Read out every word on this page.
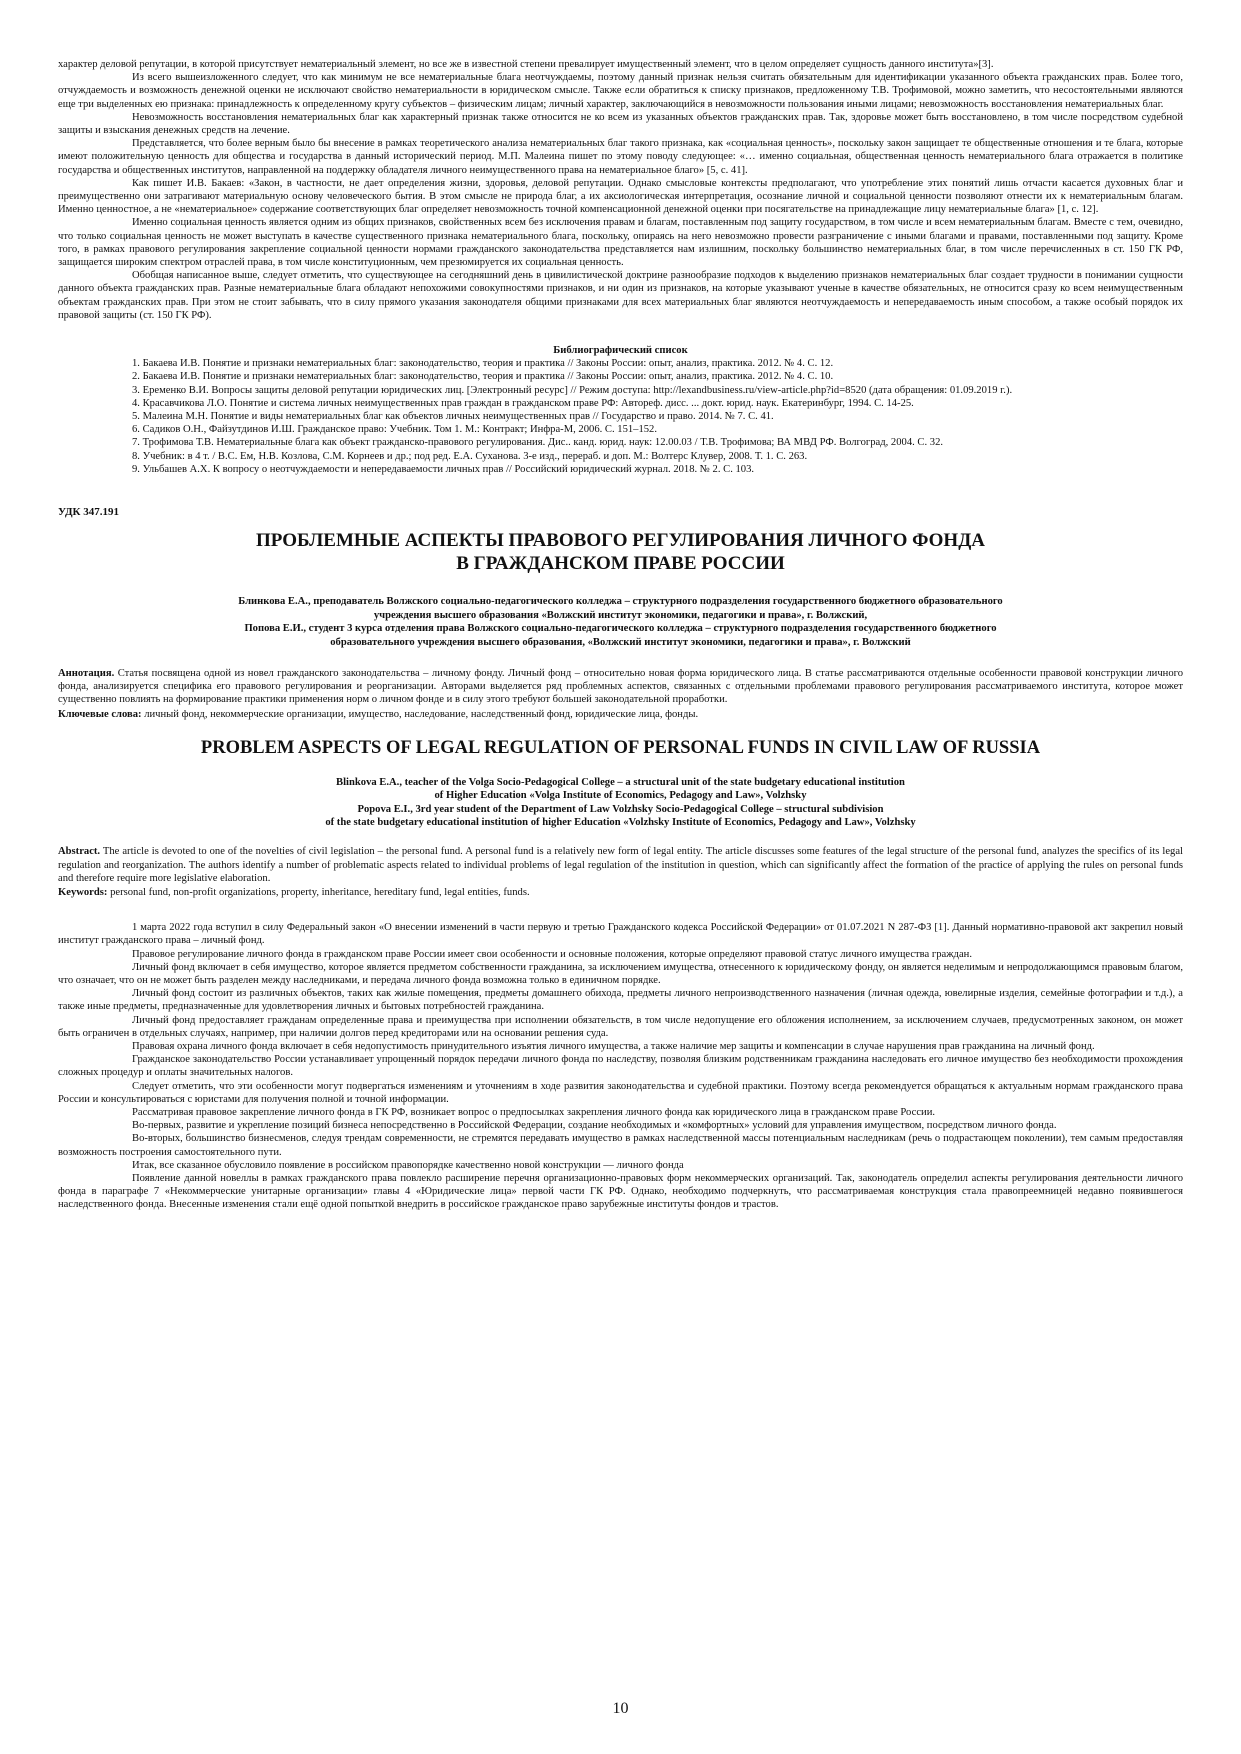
характер деловой репутации, в которой присутствует нематериальный элемент, но все же в известной степени превалирует имущественный элемент, что в целом определяет сущность данного института»[3].

Из всего вышеизложенного следует, что как минимум не все нематериальные блага неотчуждаемы, поэтому данный признак нельзя считать обязательным для идентификации указанного объекта гражданских прав. Более того, отчуждаемость и возможность денежной оценки не исключают свойство нематериальности в юридическом смысле. Также если обратиться к списку признаков, предложенному Т.В. Трофимовой, можно заметить, что несостоятельными являются еще три выделенных ею признака: принадлежность к определенному кругу субъектов – физическим лицам; личный характер, заключающийся в невозможности пользования иными лицами; невозможность восстановления нематериальных благ.

Невозможность восстановления нематериальных благ как характерный признак также относится не ко всем из указанных объектов гражданских прав. Так, здоровье может быть восстановлено, в том числе посредством судебной защиты и взыскания денежных средств на лечение.

Представляется, что более верным было бы внесение в рамках теоретического анализа нематериальных благ такого признака, как «социальная ценность», поскольку закон защищает те общественные отношения и те блага, которые имеют положительную ценность для общества и государства в данный исторический период. М.П. Малеина пишет по этому поводу следующее: «… именно социальная, общественная ценность нематериального блага отражается в политике государства и общественных институтов, направленной на поддержку обладателя личного неимущественного права на нематериальное благо» [5, с. 41].

Как пишет И.В. Бакаев: «Закон, в частности, не дает определения жизни, здоровья, деловой репутации. Однако смысловые контексты предполагают, что употребление этих понятий лишь отчасти касается духовных благ и преимущественно они затрагивают материальную основу человеческого бытия. В этом смысле не природа благ, а их аксиологическая интерпретация, осознание личной и социальной ценности позволяют отнести их к нематериальным благам. Именно ценностное, а не «нематериальное» содержание соответствующих благ определяет невозможность точной компенсационной денежной оценки при посягательстве на принадлежащие лицу нематериальные блага» [1, с. 12].

Именно социальная ценность является одним из общих признаков, свойственных всем без исключения правам и благам, поставленным под защиту государством, в том числе и всем нематериальным благам. Вместе с тем, очевидно, что только социальная ценность не может выступать в качестве существенного признака нематериального блага, поскольку, опираясь на него невозможно провести разграничение с иными благами и правами, поставленными под защиту. Кроме того, в рамках правового регулирования закрепление социальной ценности нормами гражданского законодательства представляется нам излишним, поскольку большинство нематериальных благ, в том числе перечисленных в ст. 150 ГК РФ, защищается широким спектром отраслей права, в том числе конституционным, чем презюмируется их социальная ценность.

Обобщая написанное выше, следует отметить, что существующее на сегодняшний день в цивилистической доктрине разнообразие подходов к выделению признаков нематериальных благ создает трудности в понимании сущности данного объекта гражданских прав. Разные нематериальные блага обладают непохожими совокупностями признаков, и ни один из признаков, на которые указывают ученые в качестве обязательных, не относится сразу ко всем неимущественным объектам гражданских прав. При этом не стоит забывать, что в силу прямого указания законодателя общими признаками для всех материальных благ являются неотчуждаемость и непередаваемость иным способом, а также особый порядок их правовой защиты (ст. 150 ГК РФ).

Библиографический список

1. Бакаева И.В. Понятие и признаки нематериальных благ: законодательство, теория и практика // Законы России: опыт, анализ, практика. 2012. № 4. С. 12.

2. Бакаева И.В. Понятие и признаки нематериальных благ: законодательство, теория и практика // Законы России: опыт, анализ, практика. 2012. № 4. С. 10.

3. Еременко В.И. Вопросы защиты деловой репутации юридических лиц. [Электронный ресурс] // Режим доступа: http://lexandbusiness.ru/view-article.php?id=8520 (дата обращения: 01.09.2019 г.).

4. Красавчикова Л.О. Понятие и система личных неимущественных прав граждан в гражданском праве РФ: Автореф. дисс. ... докт. юрид. наук. Екатеринбург, 1994. С. 14-25.

5. Малеина М.Н. Понятие и виды нематериальных благ как объектов личных неимущественных прав // Государство и право. 2014. № 7. С. 41.

6. Садиков О.Н., Файзутдинов И.Ш. Гражданское право: Учебник. Том 1. М.: Контракт; Инфра-М, 2006. С. 151–152.

7. Трофимова Т.В. Нематериальные блага как объект гражданско-правового регулирования. Дис.. канд. юрид. наук: 12.00.03 / Т.В. Трофимова; ВА МВД РФ. Волгоград, 2004. С. 32.

8. Учебник: в 4 т. / В.С. Ем, Н.В. Козлова, С.М. Корнеев и др.; под ред. Е.А. Суханова. 3-е изд., перераб. и доп. М.: Волтерс Клувер, 2008. Т. 1. С. 263.

9. Ульбашев А.Х. К вопросу о неотчуждаемости и непередаваемости личных прав // Российский юридический журнал. 2018. № 2. С. 103.

УДК 347.191

ПРОБЛЕМНЫЕ АСПЕКТЫ ПРАВОВОГО РЕГУЛИРОВАНИЯ ЛИЧНОГО ФОНДА
В ГРАЖДАНСКОМ ПРАВЕ РОССИИ
Блинкова Е.А., преподаватель Волжского социально-педагогического колледжа – структурного подразделения государственного бюджетного образовательного
учреждения высшего образования «Волжский институт экономики, педагогики и права», г. Волжский,
Попова Е.И., студент 3 курса отделения права Волжского социально-педагогического колледжа – структурного подразделения государственного бюджетного
образовательного учреждения высшего образования, «Волжский институт экономики, педагогики и права», г. Волжский

Аннотация. Статья посвящена одной из новел гражданского законодательства – личному фонду. Личный фонд – относительно новая форма юридического лица. В статье рассматриваются отдельные особенности правовой конструкции личного фонда, анализируется специфика его правового регулирования и реорганизации. Авторами выделяется ряд проблемных аспектов, связанных с отдельными проблемами правового регулирования рассматриваемого института, которое может существенно повлиять на формирование практики применения норм о личном фонде и в силу этого требуют большей законодательной проработки.

Ключевые слова: личный фонд, некоммерческие организации, имущество, наследование, наследственный фонд, юридические лица, фонды.

PROBLEM ASPECTS OF LEGAL REGULATION OF PERSONAL FUNDS IN CIVIL LAW OF RUSSIA
Blinkova E.A., teacher of the Volga Socio-Pedagogical College – a structural unit of the state budgetary educational institution
of Higher Education «Volga Institute of Economics, Pedagogy and Law», Volzhsky
Popova E.I., 3rd year student of the Department of Law Volzhsky Socio-Pedagogical College – structural subdivision
of the state budgetary educational institution of higher Education «Volzhsky Institute of Economics, Pedagogy and Law», Volzhsky

Abstract. The article is devoted to one of the novelties of civil legislation – the personal fund. A personal fund is a relatively new form of legal entity. The article discusses some features of the legal structure of the personal fund, analyzes the specifics of its legal regulation and reorganization. The authors identify a number of problematic aspects related to individual problems of legal regulation of the institution in question, which can significantly affect the formation of the practice of applying the rules on personal funds and therefore require more legislative elaboration.

Keywords: personal fund, non-profit organizations, property, inheritance, hereditary fund, legal entities, funds.

1 марта 2022 года вступил в силу Федеральный закон «О внесении изменений в части первую и третью Гражданского кодекса Российской Федерации» от 01.07.2021 N 287-ФЗ [1]. Данный нормативно-правовой акт закрепил новый институт гражданского права – личный фонд.

Правовое регулирование личного фонда в гражданском праве России имеет свои особенности и основные положения, которые определяют правовой статус личного имущества граждан.

Личный фонд включает в себя имущество, которое является предметом собственности гражданина, за исключением имущества, отнесенного к юридическому фонду, он является неделимым и непродолжающимся правовым благом, что означает, что он не может быть разделен между наследниками, и передача личного фонда возможна только в единичном порядке.

Личный фонд состоит из различных объектов, таких как жилые помещения, предметы домашнего обихода, предметы личного непроизводственного назначения (личная одежда, ювелирные изделия, семейные фотографии и т.д.), а также иные предметы, предназначенные для удовлетворения личных и бытовых потребностей гражданина.

Личный фонд предоставляет гражданам определенные права и преимущества при исполнении обязательств, в том числе недопущение его обложения исполнением, за исключением случаев, предусмотренных законом, он может быть ограничен в отдельных случаях, например, при наличии долгов перед кредиторами или на основании решения суда.

Правовая охрана личного фонда включает в себя недопустимость принудительного изъятия личного имущества, а также наличие мер защиты и компенсации в случае нарушения прав гражданина на личный фонд.

Гражданское законодательство России устанавливает упрощенный порядок передачи личного фонда по наследству, позволяя близким родственникам гражданина наследовать его личное имущество без необходимости прохождения сложных процедур и оплаты значительных налогов.

Следует отметить, что эти особенности могут подвергаться изменениям и уточнениям в ходе развития законодательства и судебной практики. Поэтому всегда рекомендуется обращаться к актуальным нормам гражданского права России и консультироваться с юристами для получения полной и точной информации.

Рассматривая правовое закрепление личного фонда в ГК РФ, возникает вопрос о предпосылках закрепления личного фонда как юридического лица в гражданском праве России.

Во-первых, развитие и укрепление позиций бизнеса непосредственно в Российской Федерации, создание необходимых и «комфортных» условий для управления имуществом, посредством личного фонда.

Во-вторых, большинство бизнесменов, следуя трендам современности, не стремятся передавать имущество в рамках наследственной массы потенциальным наследникам (речь о подрастающем поколении), тем самым предоставляя возможность построения самостоятельного пути.

Итак, все сказанное обусловило появление в российском правопорядке качественно новой конструкции — личного фонда

Появление данной новеллы в рамках гражданского права повлекло расширение перечня организационно-правовых форм некоммерческих организаций. Так, законодатель определил аспекты регулирования деятельности личного фонда в параграфе 7 «Некоммерческие унитарные организации» главы 4 «Юридические лица» первой части ГК РФ. Однако, необходимо подчеркнуть, что рассматриваемая конструкция стала правопреемницей недавно появившегося наследственного фонда. Внесенные изменения стали ещё одной попыткой внедрить в российское гражданское право зарубежные институты фондов и трастов.

10
